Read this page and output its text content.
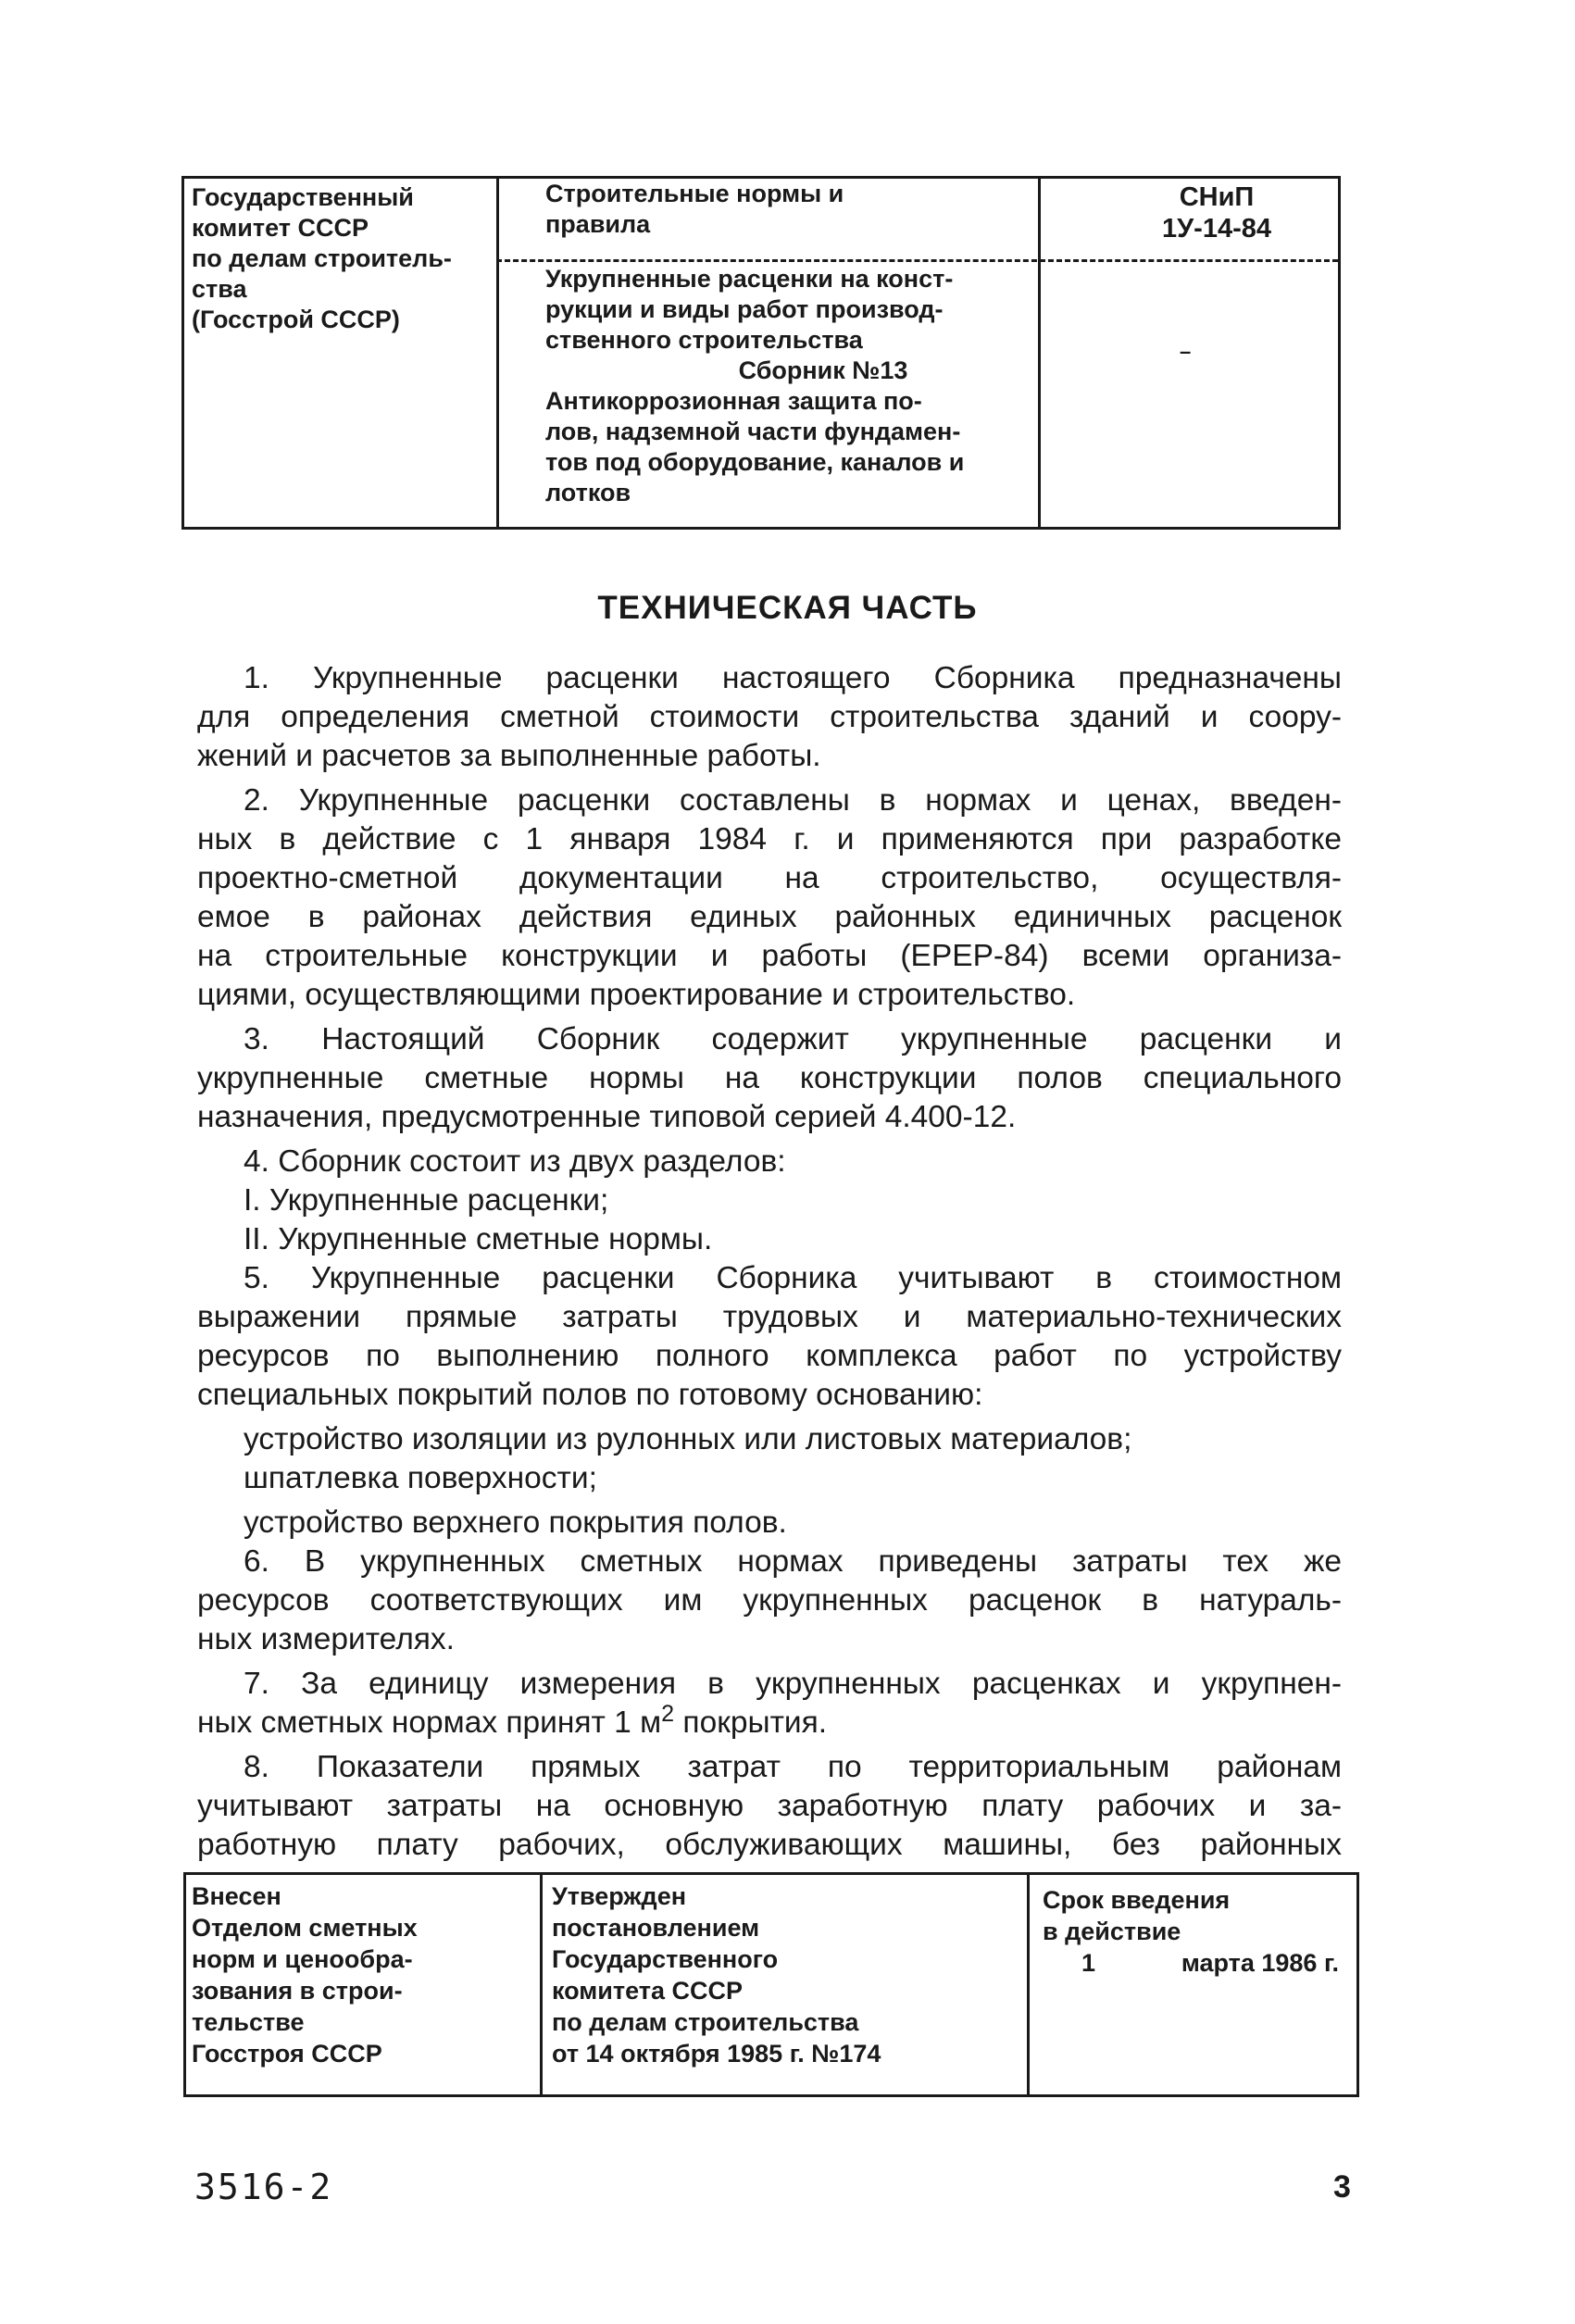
Государственный
комитет СССР
по делам строитель-
ства
(Госстрой СССР)
Строительные нормы и
правила
СНиП
1У-14-84
Укрупненные расценки на конст-
рукции и виды работ производ-
ственного строительства
Сборник №13
Антикоррозионная защита по-
лов, надземной части фундамен-
тов под оборудование, каналов и
лотков
–
ТЕХНИЧЕСКАЯ ЧАСТЬ
1. Укрупненные расценки настоящего Сборника предназначены
для определения сметной стоимости строительства зданий и соору-
жений и расчетов за выполненные работы.
2. Укрупненные расценки составлены в нормах и ценах, введен-
ных в действие с 1 января 1984 г. и применяются при разработке
проектно-сметной документации на строительство, осуществля-
емое в районах действия единых районных единичных расценок
на строительные конструкции и работы (ЕРЕР-84) всеми организа-
циями, осуществляющими проектирование и строительство.
3. Настоящий Сборник содержит укрупненные расценки и
укрупненные сметные нормы на конструкции полов специального
назначения, предусмотренные типовой серией 4.400-12.
4. Сборник состоит из двух разделов:
I. Укрупненные расценки;
II. Укрупненные сметные нормы.
5. Укрупненные расценки Сборника учитывают в стоимостном
выражении прямые затраты трудовых и материально-технических
ресурсов по выполнению полного комплекса работ по устройству
специальных покрытий полов по готовому основанию:
устройство изоляции из рулонных или листовых материалов;
шпатлевка поверхности;
устройство верхнего покрытия полов.
6. В укрупненных сметных нормах приведены затраты тех же
ресурсов соответствующих им укрупненных расценок в натураль-
ных измерителях.
7. За единицу измерения в укрупненных расценках и укрупнен-
ных сметных нормах принят 1 $м^2$ покрытия.
8. Показатели прямых затрат по территориальным районам
учитывают затраты на основную заработную плату рабочих и за-
работную плату рабочих, обслуживающих машины, без районных
Внесен
Отделом сметных
норм и ценообра-
зования в строи-
тельстве
Госстроя СССР
Утвержден
постановлением
Государственного
комитета СССР
по делам строительства
от 14 октября 1985 г. №174
Срок введения
в действие
1	марта 1986 г.
3516-2	3
